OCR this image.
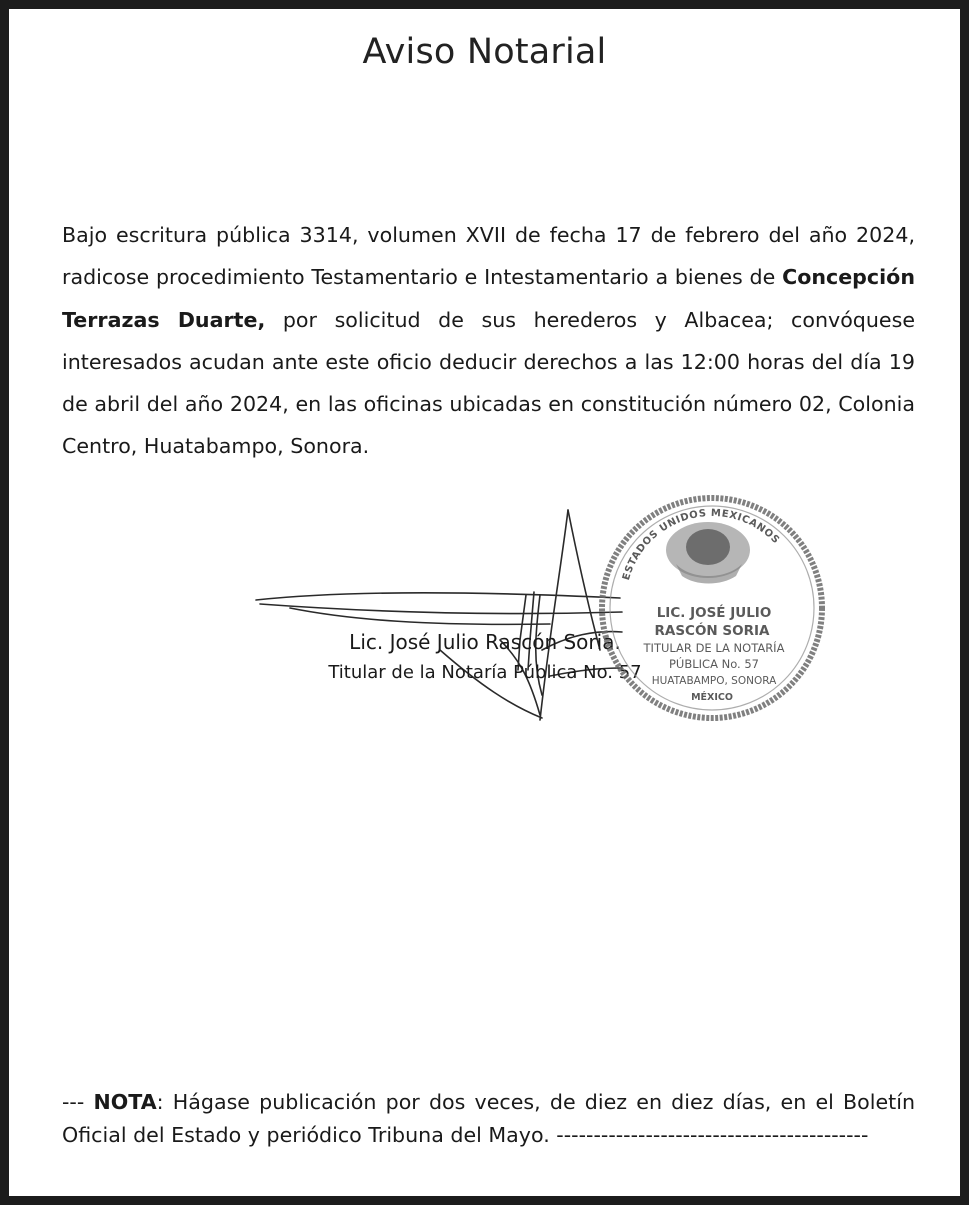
Aviso Notarial
Bajo escritura pública 3314, volumen XVII de fecha 17 de febrero del año 2024, radicose procedimiento Testamentario e Intestamentario a bienes de Concepción Terrazas Duarte, por solicitud de sus herederos y Albacea; convóquese interesados acudan ante este oficio deducir derechos a las 12:00 horas del día 19 de abril del año 2024, en las oficinas ubicadas en constitución número 02, Colonia Centro, Huatabampo, Sonora.
Lic. José Julio Rascón Soria.
Titular de la Notaría Pública No. 57
ESTADOS UNIDOS MEXICANOS
LIC. JOSÉ JULIO
RASCÓN SORIA
TITULAR DE LA NOTARÍA
PÚBLICA No. 57
HUATABAMPO, SONORA
MÉXICO
--- NOTA: Hágase publicación por dos veces, de diez en diez días, en el Boletín Oficial del Estado y periódico Tribuna del Mayo. ------------------------------------------
